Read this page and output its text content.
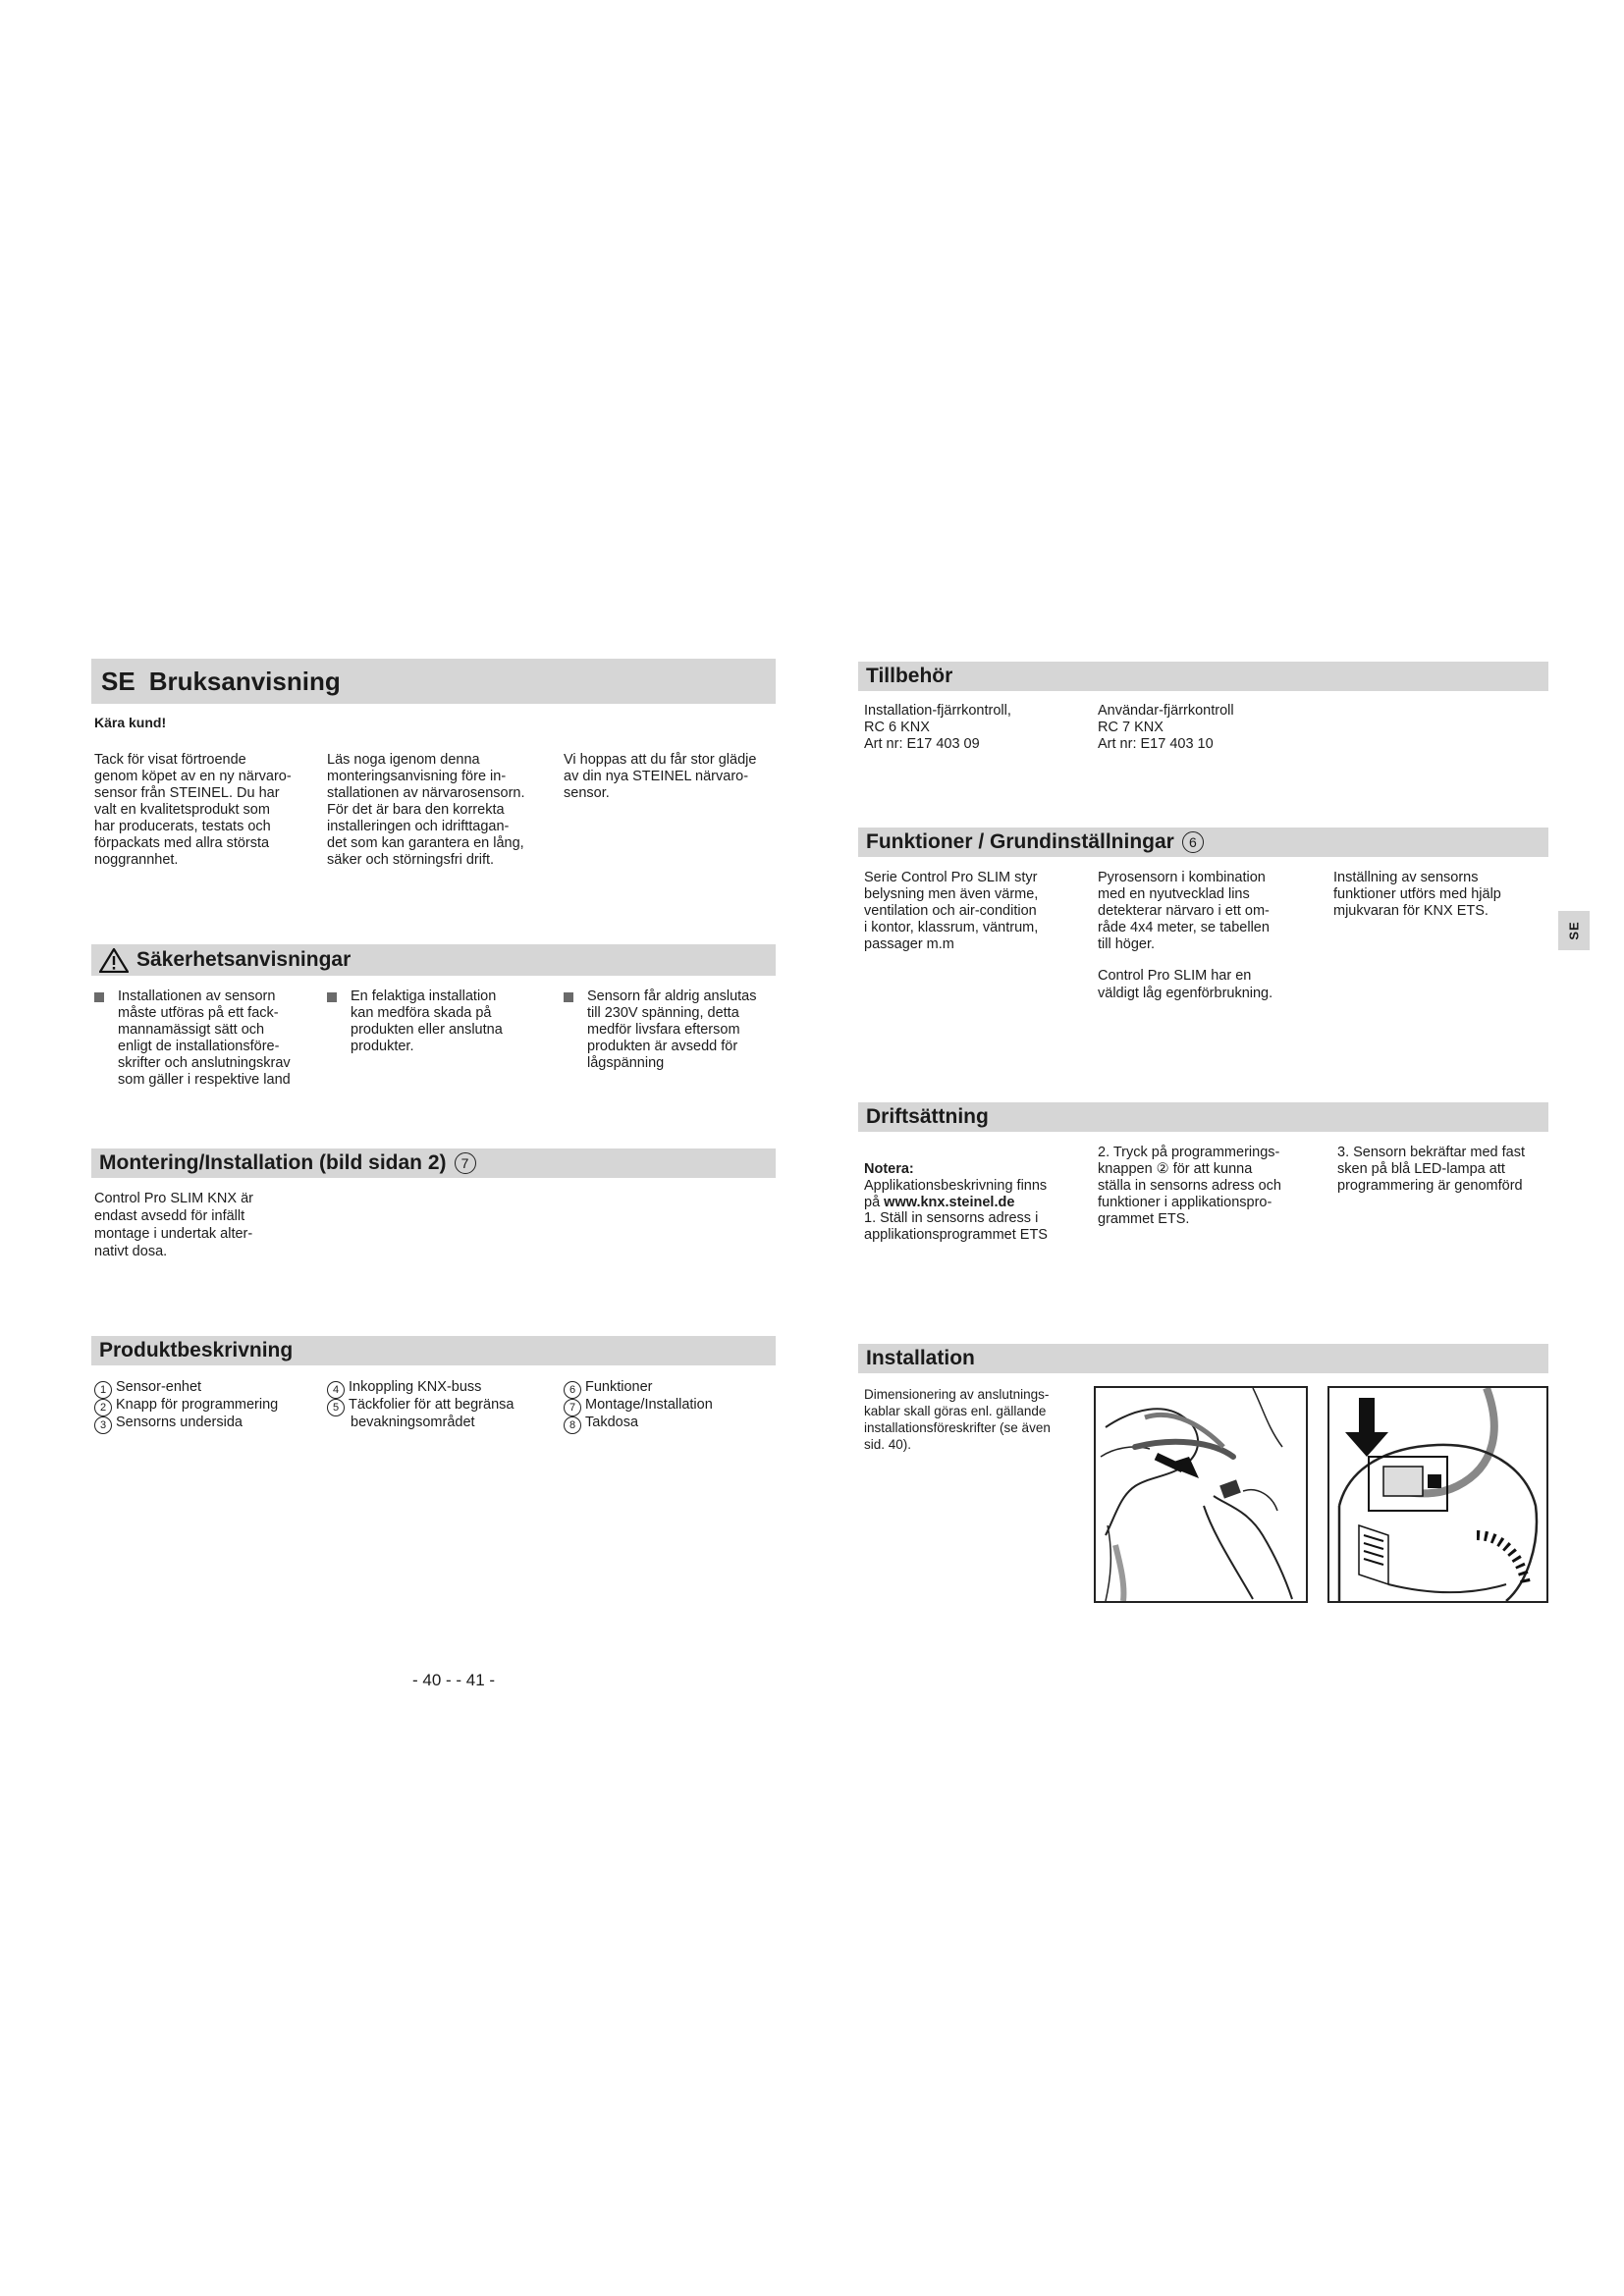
SE Bruksanvisning
Kära kund!
Tack för visat förtroende
genom köpet av en ny närvaro-
sensor från STEINEL. Du har
valt en kvalitetsprodukt som
har producerats, testats och
förpackats med allra största
noggrannhet.
Läs noga igenom denna
monteringsanvisning före in-
stallationen av närvarosensorn.
För det är bara den korrekta
installeringen och idrifttagan-
det som kan garantera en lång,
säker och störningsfri drift.
Vi hoppas att du får stor glädje
av din nya STEINEL närvaro-
sensor.
Säkerhetsanvisningar
Installationen av sensorn
måste utföras på ett fack-
mannamässigt sätt och
enligt de installationsföre-
skrifter och anslutningskrav
som gäller i respektive land
En felaktiga installation
kan medföra skada på
produkten eller anslutna
produkter.
Sensorn får aldrig anslutas
till 230V spänning, detta
medför livsfara eftersom
produkten är avsedd för
lågspänning
Montering/Installation (bild sidan 2)	7
Control Pro SLIM KNX är
endast avsedd för infällt
montage i undertak alter-
nativt dosa.
Produktbeskrivning
1 Sensor-enhet
2 Knapp för programmering
3 Sensorns undersida
4 Inkoppling KNX-buss
5 Täckfolier för att begränsa
bevakningsområdet
6 Funktioner
7 Montage/Installation
8 Takdosa
- 40 - - 41 -
Tillbehör
Installation-fjärrkontroll,
RC 6 KNX
Art nr: E17 403 09
Användar-fjärrkontroll
RC 7 KNX
Art nr: E17 403 10
Funktioner / Grundinställningar	6
Serie Control Pro SLIM styr
belysning men även värme,
ventilation och air-condition
i kontor, klassrum, väntrum,
passager m.m
Pyrosensorn i kombination
med en nyutvecklad lins
detekterar närvaro i ett om-
råde 4x4 meter, se tabellen
till höger.
Control Pro SLIM har en
väldigt låg egenförbrukning.
Inställning av sensorns
funktioner utförs med hjälp
mjukvaran för KNX ETS.
SE
Driftsättning

Notera:

Applikationsbeskrivning finns
på www.knx.steinel.de

1. Ställ in sensorns adress i
applikationsprogrammet ETS
2. Tryck på programmerings-
knappen ② för att kunna
ställa in sensorns adress och
funktioner i applikationspro-
grammet ETS.
3. Sensorn bekräftar med fast
sken på blå LED-lampa att
programmering är genomförd
Installation
Dimensionering av anslutnings-
kablar skall göras enl. gällande
installationsföreskrifter (se även
sid. 40).
